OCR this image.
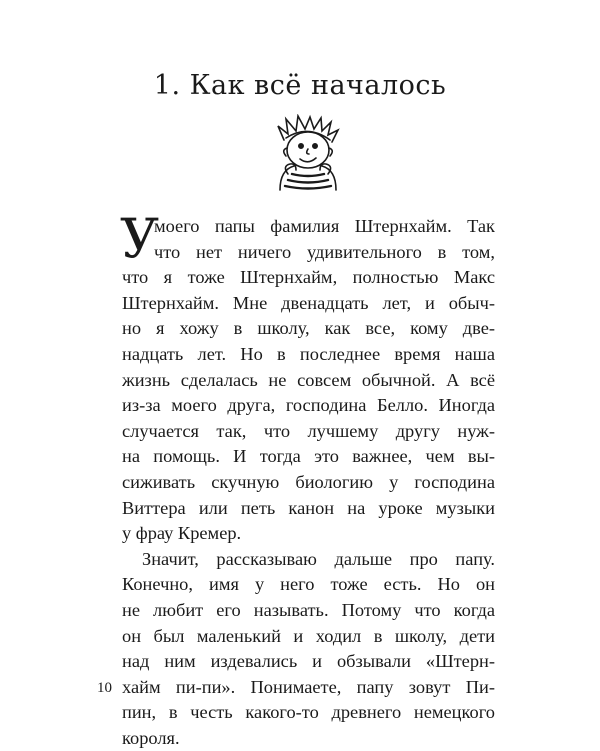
1. Как всё началось
У
моего папы фамилия Штернхайм. Так
что нет ничего удивительного в том,
что я тоже Штернхайм, полностью Макс
Штернхайм. Мне двенадцать лет, и обыч-
но я хожу в школу, как все, кому две-
надцать лет. Но в последнее время наша
жизнь сделалась не совсем обычной. А всё
из-за моего друга, господина Белло. Иногда
случается так, что лучшему другу нуж-
на помощь. И тогда это важнее, чем вы-
сиживать скучную биологию у господина
Виттера или петь канон на уроке музыки
у фрау Кремер.
Значит, рассказываю дальше про папу.
Конечно, имя у него тоже есть. Но он
не любит его называть. Потому что когда
он был маленький и ходил в школу, дети
над ним издевались и обзывали «Штерн-
хайм пи-пи». Понимаете, папу зовут Пи-
пин, в честь какого-то древнего немецкого
короля.
10
